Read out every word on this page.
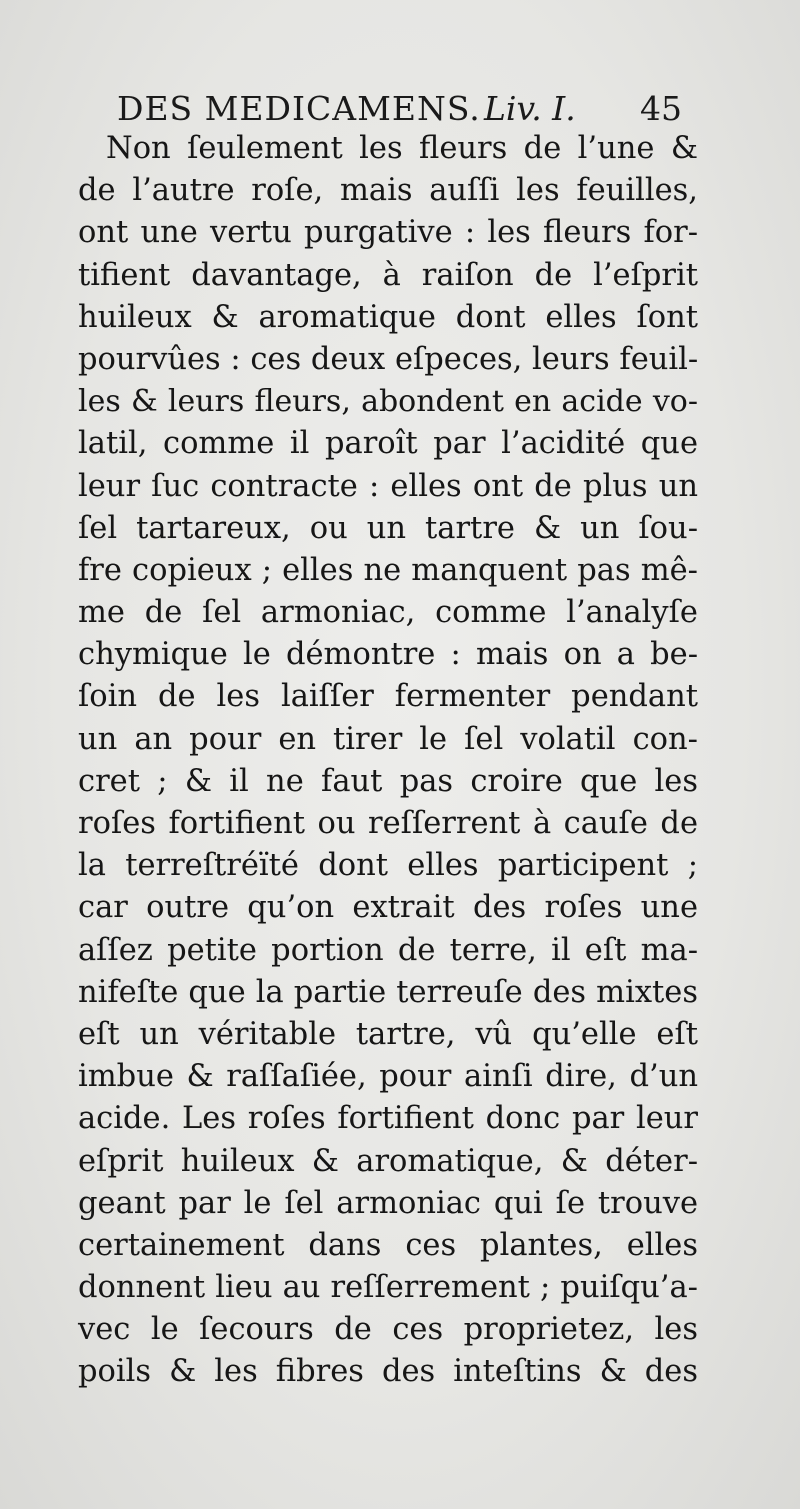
DES MEDICAMENS. Liv. I. 45
Non ſeulement les fleurs de l’une &
de l’autre roſe, mais auſſi les feuilles,
ont une vertu purgative : les fleurs for-
tifient davantage, à raiſon de l’eſprit
huileux & aromatique dont elles ſont
pourvûes : ces deux eſpeces, leurs feuil-
les & leurs fleurs, abondent en acide vo-
latil, comme il paroît par l’acidité que
leur ſuc contracte : elles ont de plus un
ſel tartareux, ou un tartre & un ſou-
fre copieux ; elles ne manquent pas mê-
me de ſel armoniac, comme l’analyſe
chymique le démontre : mais on a be-
ſoin de les laiſſer fermenter pendant
un an pour en tirer le ſel volatil con-
cret ; & il ne faut pas croire que les
roſes fortifient ou reſſerrent à cauſe de
la terreſtréïté dont elles participent ;
car outre qu’on extrait des roſes une
aſſez petite portion de terre, il eſt ma-
nifeſte que la partie terreuſe des mixtes
eſt un véritable tartre, vû qu’elle eſt
imbue & raſſaſiée, pour ainſi dire, d’un
acide. Les roſes fortifient donc par leur
eſprit huileux & aromatique, & déter-
geant par le ſel armoniac qui ſe trouve
certainement dans ces plantes, elles
donnent lieu au reſſerrement ; puiſqu’a-
vec le ſecours de ces proprietez, les
poils & les fibres des inteſtins & des
